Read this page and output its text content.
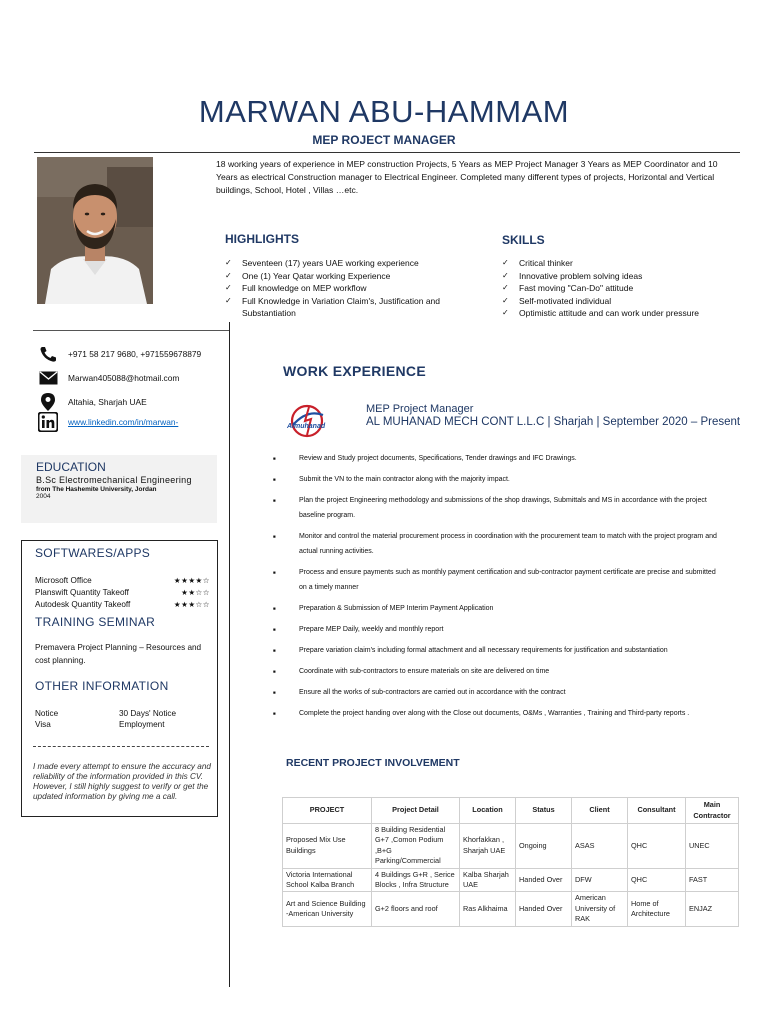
MARWAN ABU-HAMMAM
MEP ROJECT MANAGER
18 working years of experience in MEP construction Projects, 5 Years as MEP Project Manager 3 Years as MEP Coordinator and 10 Years as electrical Construction manager to Electrical Engineer. Completed many different types of projects, Horizontal and Vertical buildings, School, Hotel , Villas …etc.
HIGHLIGHTS
✓	Seventeen (17) years UAE working experience
✓	One (1) Year Qatar working Experience
✓	Full knowledge on MEP workflow
✓	Full Knowledge in Variation Claim's, Justification and Substantiation
SKILLS
✓	Critical thinker
✓	Innovative problem solving ideas
✓	Fast moving "Can-Do" attitude
✓	Self-motivated individual
✓	Optimistic attitude and can work under pressure
+971 58 217 9680, +971559678879
Marwan405088@hotmail.com
Altahia, Sharjah UAE
www.linkedin.com/in/marwan-
EDUCATION
B.Sc Electromechanical Engineering
from The Hashemite University, Jordan
2004
SOFTWARES/APPS
Microsoft Office	★★★★☆
Planswift Quantity Takeoff	★★☆☆
Autodesk Quantity Takeoff	★★★☆☆
TRAINING SEMINAR
Premavera Project Planning – Resources and cost planning.
OTHER INFORMATION
Notice	30 Days' Notice
Visa	Employment
I made every attempt to ensure the accuracy and reliability of the information provided in this CV. However, I still highly suggest to verify or get the updated information by giving me a call.
WORK EXPERIENCE
Almuhanad
MEP Project Manager
AL MUHANAD MECH CONT L.L.C | Sharjah | September 2020 – Present
■ Review and Study project documents, Specifications, Tender drawings and IFC Drawings.
■ Submit the VN to the main contractor along with the majority impact.
■ Plan the project Engineering methodology and submissions of the shop drawings, Submittals and MS in accordance with the project baseline program.
■ Monitor and control the material procurement process in coordination with the procurement team to match with the project program and actual running activities.
■ Process and ensure payments such as monthly payment certification and sub-contractor payment certificate are precise and submitted on a timely manner
■ Preparation & Submission of MEP Interim Payment Application
■ Prepare MEP Daily, weekly and monthly report
■ Prepare variation claim's including formal attachment and all necessary requirements for justification and substantiation
■ Coordinate with sub-contractors to ensure materials on site are delivered on time
■ Ensure all the works of sub-contractors are carried out in accordance with the contract
■ Complete the project handing over along with the Close out documents, O&Ms , Warranties , Training and Third-party reports .
RECENT PROJECT INVOLVEMENT
PROJECT	Project Detail	Location	Status	Client	Consultant	Main Contractor
Proposed Mix Use Buildings	8 Building Residential G+7 ,Comon Podium ,B+G Parking/Commercial	Khorfakkan , Sharjah UAE	Ongoing	ASAS	QHC	UNEC
Victoria International School Kalba Branch	4 Buildings G+R , Serice Blocks , Infra Structure	Kalba Sharjah UAE	Handed Over	DFW	QHC	FAST
Art and Science Building -American University	G+2 floors and roof	Ras Alkhaima	Handed Over	American University of RAK	Home of Architecture	ENJAZ
